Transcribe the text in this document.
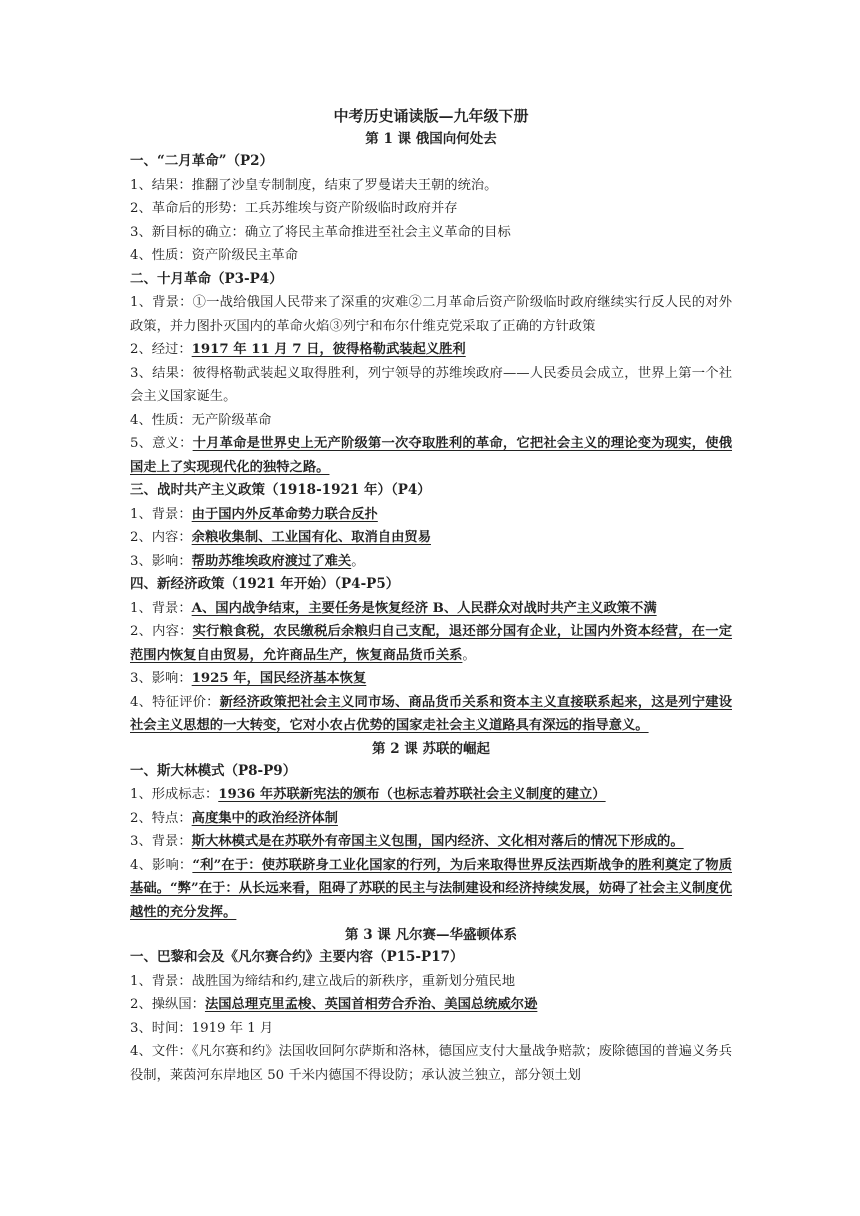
中考历史诵读版—九年级下册
第 1 课 俄国向何处去
一、“二月革命”（P2）

1、结果：推翻了沙皇专制制度，结束了罗曼诺夫王朝的统治。

2、革命后的形势：工兵苏维埃与资产阶级临时政府并存

3、新目标的确立：确立了将民主革命推进至社会主义革命的目标

4、性质：资产阶级民主革命

二、十月革命（P3-P4）

1、背景：①一战给俄国人民带来了深重的灾难②二月革命后资产阶级临时政府继续实行反人民的对外政策，并力图扑灭国内的革命火焰③列宁和布尔什维克党采取了正确的方针政策

2、经过：1917 年 11 月 7 日，彼得格勒武装起义胜利

3、结果：彼得格勒武装起义取得胜利，列宁领导的苏维埃政府——人民委员会成立，世界上第一个社会主义国家诞生。

4、性质：无产阶级革命

5、意义：十月革命是世界史上无产阶级第一次夺取胜利的革命，它把社会主义的理论变为现实，使俄国走上了实现现代化的独特之路。

三、战时共产主义政策（1918-1921 年）（P4）

1、背景：由于国内外反革命势力联合反扑

2、内容：余粮收集制、工业国有化、取消自由贸易

3、影响：帮助苏维埃政府渡过了难关。

四、新经济政策（1921 年开始）（P4-P5）

1、背景：A、国内战争结束，主要任务是恢复经济 B、人民群众对战时共产主义政策不满

2、内容：实行粮食税，农民缴税后余粮归自己支配，退还部分国有企业，让国内外资本经营，在一定范围内恢复自由贸易，允许商品生产，恢复商品货币关系。

3、影响：1925 年，国民经济基本恢复

4、特征评价：新经济政策把社会主义同市场、商品货币关系和资本主义直接联系起来，这是列宁建设社会主义思想的一大转变，它对小农占优势的国家走社会主义道路具有深远的指导意义。

第 2 课 苏联的崛起
一、斯大林模式（P8-P9）

1、形成标志：1936 年苏联新宪法的颁布（也标志着苏联社会主义制度的建立）

2、特点：高度集中的政治经济体制

3、背景：斯大林模式是在苏联外有帝国主义包围，国内经济、文化相对落后的情况下形成的。

4、影响：“利”在于：使苏联跻身工业化国家的行列，为后来取得世界反法西斯战争的胜利奠定了物质基础。“弊”在于：从长远来看，阻碍了苏联的民主与法制建设和经济持续发展，妨碍了社会主义制度优越性的充分发挥。

第 3 课 凡尔赛—华盛顿体系
一、巴黎和会及《凡尔赛合约》主要内容（P15-P17）

1、背景：战胜国为缔结和约,建立战后的新秩序，重新划分殖民地

2、操纵国：法国总理克里孟梭、英国首相劳合乔治、美国总统威尔逊

3、时间：1919 年 1 月

4、文件：《凡尔赛和约》法国收回阿尔萨斯和洛林，德国应支付大量战争赔款；废除德国的普遍义务兵役制，莱茵河东岸地区 50 千米内德国不得设防；承认波兰独立，部分领土划
